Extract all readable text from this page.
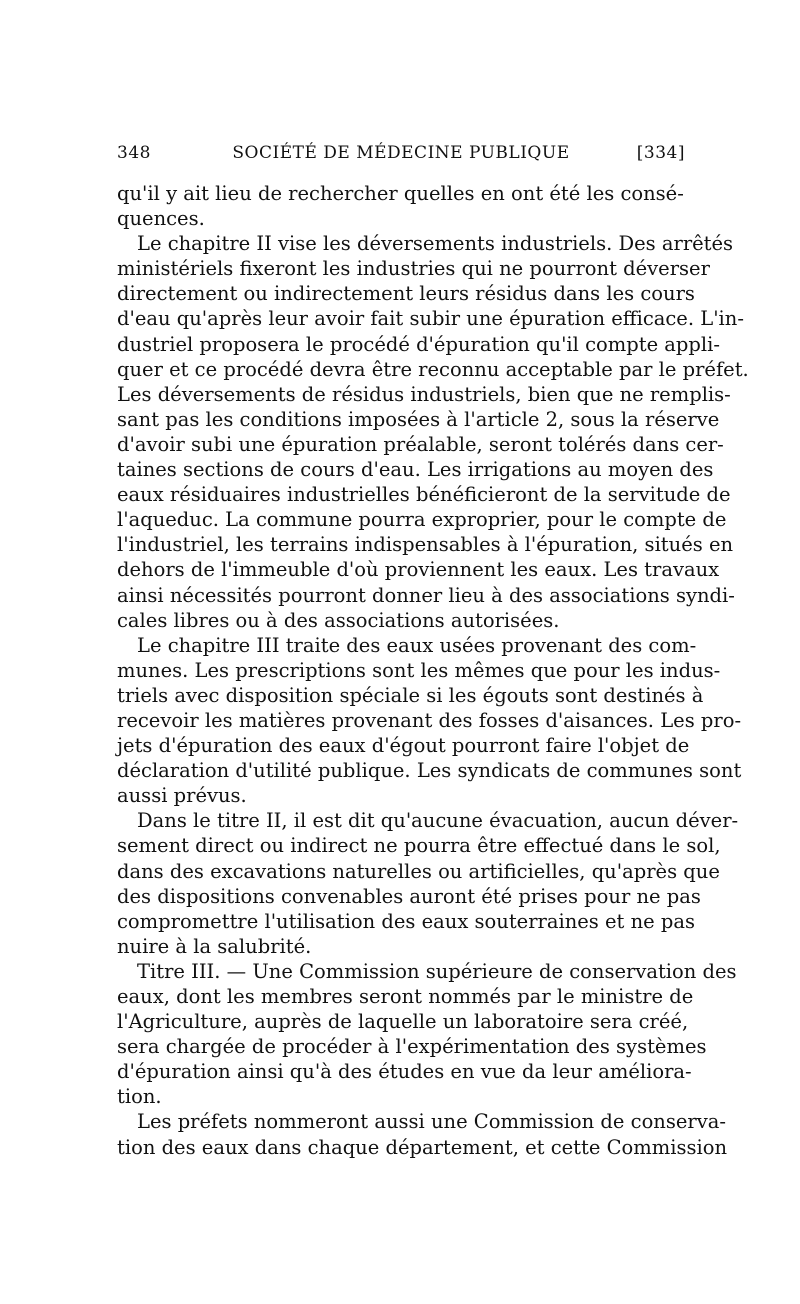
348	SOCIÉTÉ DE MÉDECINE PUBLIQUE	[334]

qu'il y ait lieu de rechercher quelles en ont été les consé-
quences.

Le chapitre II vise les déversements industriels. Des arrêtés
ministériels fixeront les industries qui ne pourront déverser
directement ou indirectement leurs résidus dans les cours
d'eau qu'après leur avoir fait subir une épuration efficace. L'in-
dustriel proposera le procédé d'épuration qu'il compte appli-
quer et ce procédé devra être reconnu acceptable par le préfet.
Les déversements de résidus industriels, bien que ne remplis-
sant pas les conditions imposées à l'article 2, sous la réserve
d'avoir subi une épuration préalable, seront tolérés dans cer-
taines sections de cours d'eau. Les irrigations au moyen des
eaux résiduaires industrielles bénéficieront de la servitude de
l'aqueduc. La commune pourra exproprier, pour le compte de
l'industriel, les terrains indispensables à l'épuration, situés en
dehors de l'immeuble d'où proviennent les eaux. Les travaux
ainsi nécessités pourront donner lieu à des associations syndi-
cales libres ou à des associations autorisées.

Le chapitre III traite des eaux usées provenant des com-
munes. Les prescriptions sont les mêmes que pour les indus-
triels avec disposition spéciale si les égouts sont destinés à
recevoir les matières provenant des fosses d'aisances. Les pro-
jets d'épuration des eaux d'égout pourront faire l'objet de
déclaration d'utilité publique. Les syndicats de communes sont
aussi prévus.

Dans le titre II, il est dit qu'aucune évacuation, aucun déver-
sement direct ou indirect ne pourra être effectué dans le sol,
dans des excavations naturelles ou artificielles, qu'après que
des dispositions convenables auront été prises pour ne pas
compromettre l'utilisation des eaux souterraines et ne pas
nuire à la salubrité.

Titre III. — Une Commission supérieure de conservation des
eaux, dont les membres seront nommés par le ministre de
l'Agriculture, auprès de laquelle un laboratoire sera créé,
sera chargée de procéder à l'expérimentation des systèmes
d'épuration ainsi qu'à des études en vue da leur améliora-
tion.

Les préfets nommeront aussi une Commission de conserva-
tion des eaux dans chaque département, et cette Commission
